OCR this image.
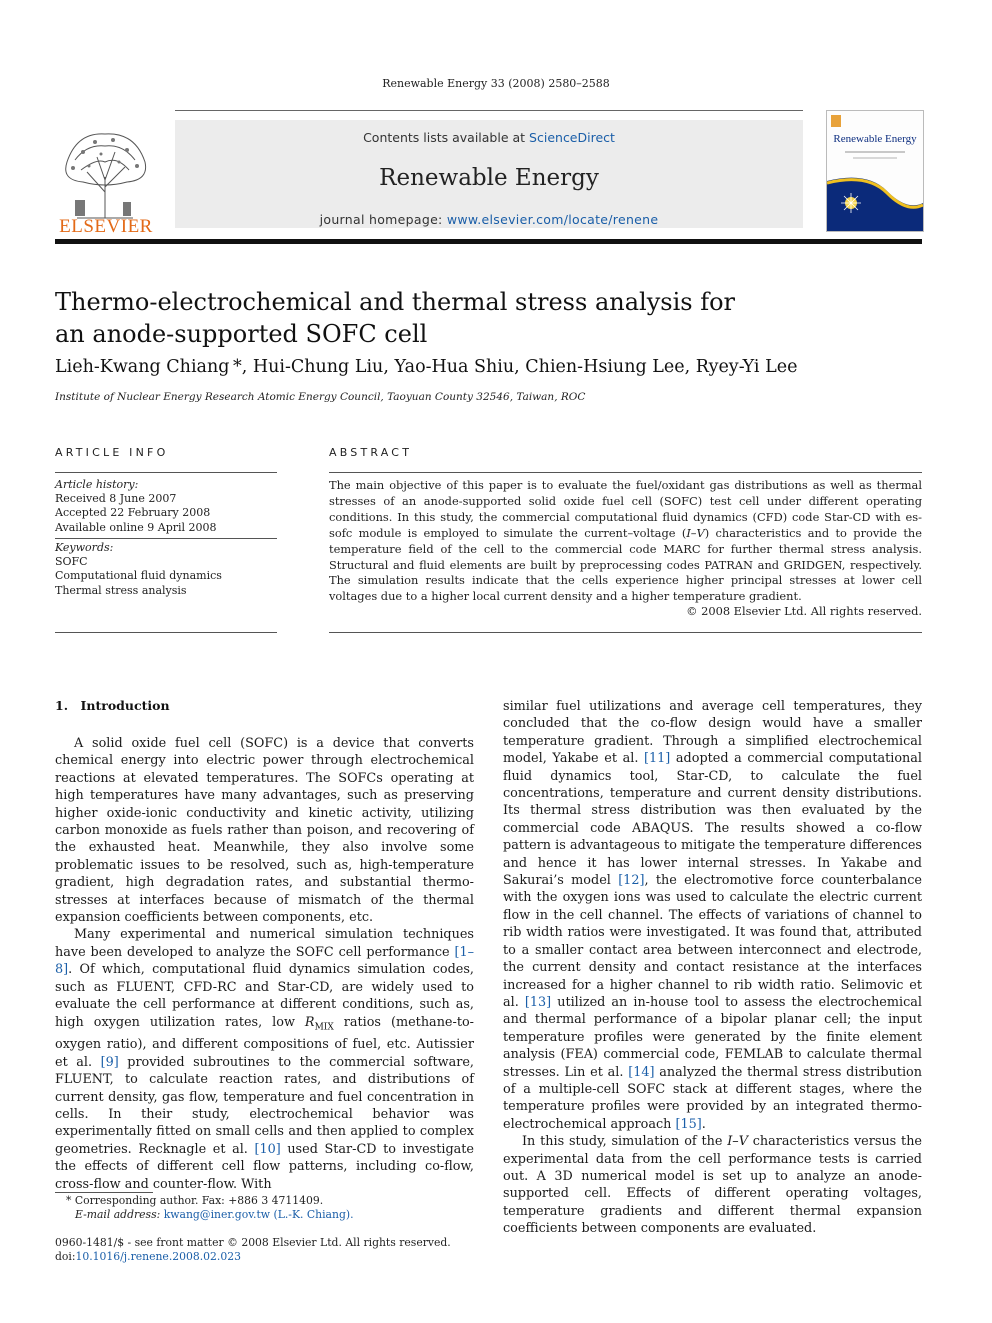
Renewable Energy 33 (2008) 2580–2588
ELSEVIER
Contents lists available at ScienceDirect
Renewable Energy
journal homepage: www.elsevier.com/locate/renene
Renewable Energy
Thermo-electrochemical and thermal stress analysis for an anode-supported SOFC cell
Lieh-Kwang Chiang *, Hui-Chung Liu, Yao-Hua Shiu, Chien-Hsiung Lee, Ryey-Yi Lee
Institute of Nuclear Energy Research Atomic Energy Council, Taoyuan County 32546, Taiwan, ROC
ARTICLE INFO	ABSTRACT
Article history:
Received 8 June 2007
Accepted 22 February 2008
Available online 9 April 2008
Keywords:
SOFC
Computational fluid dynamics
Thermal stress analysis
The main objective of this paper is to evaluate the fuel/oxidant gas distributions as well as thermal stresses of an anode-supported solid oxide fuel cell (SOFC) test cell under different operating conditions. In this study, the commercial computational fluid dynamics (CFD) code Star-CD with es-sofc module is employed to simulate the current–voltage (I–V) characteristics and to provide the temperature field of the cell to the commercial code MARC for further thermal stress analysis. Structural and fluid elements are built by preprocessing codes PATRAN and GRIDGEN, respectively. The simulation results indicate that the cells experience higher principal stresses at lower cell voltages due to a higher local current density and a higher temperature gradient.
© 2008 Elsevier Ltd. All rights reserved.
1. Introduction

A solid oxide fuel cell (SOFC) is a device that converts chemical energy into electric power through electrochemical reactions at elevated temperatures. The SOFCs operating at high temperatures have many advantages, such as preserving higher oxide-ionic conductivity and kinetic activity, utilizing carbon monoxide as fuels rather than poison, and recovering of the exhausted heat. Meanwhile, they also involve some problematic issues to be resolved, such as, high-temperature gradient, high degradation rates, and substantial thermo-stresses at interfaces because of mismatch of the thermal expansion coefficients between components, etc.

Many experimental and numerical simulation techniques have been developed to analyze the SOFC cell performance [1–8]. Of which, computational fluid dynamics simulation codes, such as FLUENT, CFD-RC and Star-CD, are widely used to evaluate the cell performance at different conditions, such as, high oxygen utilization rates, low $R_{MIX}$ ratios (methane-to-oxygen ratio), and different compositions of fuel, etc. Autissier et al. [9] provided subroutines to the commercial software, FLUENT, to calculate reaction rates, and distributions of current density, gas flow, temperature and fuel concentration in cells. In their study, electrochemical behavior was experimentally fitted on small cells and then applied to complex geometries. Recknagle et al. [10] used Star-CD to investigate the effects of different cell flow patterns, including co-flow, cross-flow and counter-flow. With

similar fuel utilizations and average cell temperatures, they concluded that the co-flow design would have a smaller temperature gradient. Through a simplified electrochemical model, Yakabe et al. [11] adopted a commercial computational fluid dynamics tool, Star-CD, to calculate the fuel concentrations, temperature and current density distributions. Its thermal stress distribution was then evaluated by the commercial code ABAQUS. The results showed a co-flow pattern is advantageous to mitigate the temperature differences and hence it has lower internal stresses. In Yakabe and Sakurai’s model [12], the electromotive force counterbalance with the oxygen ions was used to calculate the electric current flow in the cell channel. The effects of variations of channel to rib width ratios were investigated. It was found that, attributed to a smaller contact area between interconnect and electrode, the current density and contact resistance at the interfaces increased for a higher channel to rib width ratio. Selimovic et al. [13] utilized an in-house tool to assess the electrochemical and thermal performance of a bipolar planar cell; the input temperature profiles were generated by the finite element analysis (FEA) commercial code, FEMLAB to calculate thermal stresses. Lin et al. [14] analyzed the thermal stress distribution of a multiple-cell SOFC stack at different stages, where the temperature profiles were provided by an integrated thermo-electrochemical approach [15].

In this study, simulation of the I–V characteristics versus the experimental data from the cell performance tests is carried out. A 3D numerical model is set up to analyze an anode-supported cell. Effects of different operating voltages, temperature gradients and different thermal expansion coefficients between components are evaluated.

* Corresponding author. Fax: +886 3 4711409.
E-mail address: kwang@iner.gov.tw (L.-K. Chiang).
0960-1481/$ - see front matter © 2008 Elsevier Ltd. All rights reserved.
doi:10.1016/j.renene.2008.02.023
